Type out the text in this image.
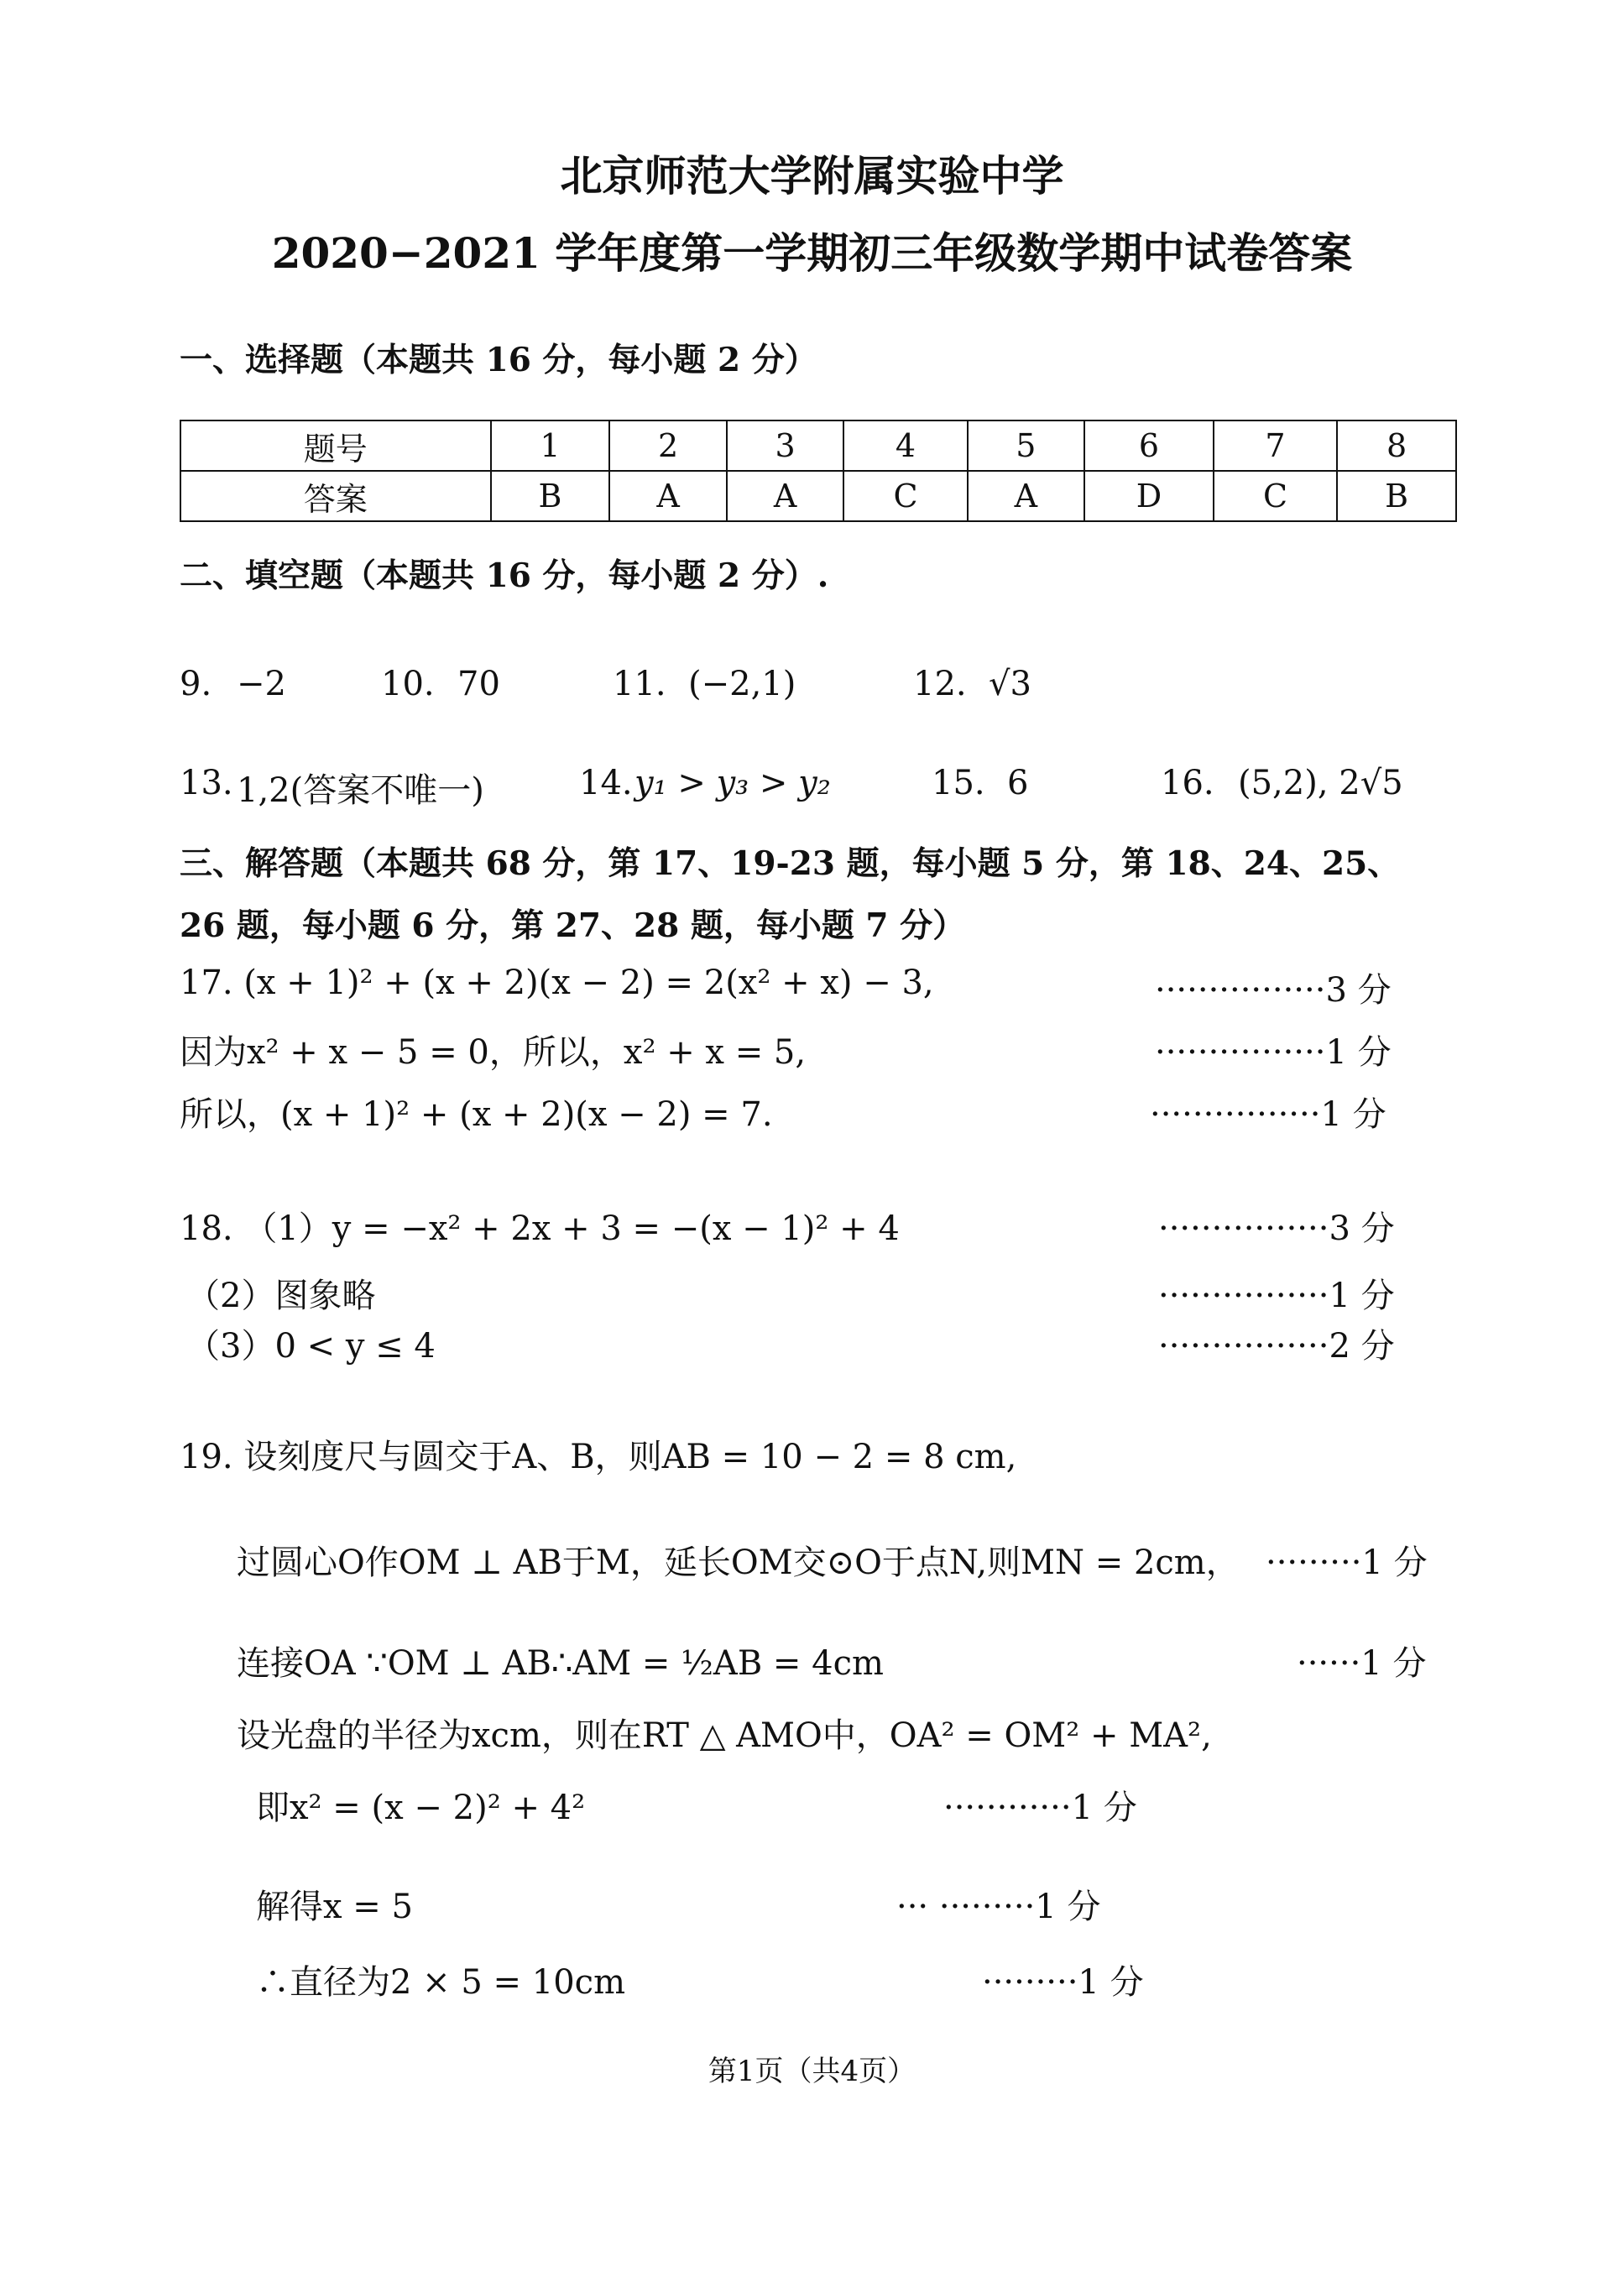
北京师范大学附属实验中学
2020−2021 学年度第一学期初三年级数学期中试卷答案
一、选择题（本题共 16 分，每小题 2 分）
题号	1	2	3	4	5	6	7	8
答案	B	A	A	C	A	D	C	B
二、填空题（本题共 16 分，每小题 2 分）.
9. −2	10. 70	11. (−2,1)	12. √3
13. 1,2(答案不唯一)	14. y₁ > y₃ > y₂	15. 6	16. (5,2), 2√5
三、解答题（本题共 68 分，第 17、19-23 题，每小题 5 分，第 18、24、25、
26 题，每小题 6 分，第 27、28 题，每小题 7 分）
17. (x + 1)² + (x + 2)(x − 2) = 2(x² + x) − 3,	················3 分
因为x² + x − 5 = 0，所以，x² + x = 5,	················1 分
所以，(x + 1)² + (x + 2)(x − 2) = 7.	················1 分
18. （1）y = −x² + 2x + 3 = −(x − 1)² + 4	················3 分
（2）图象略	················1 分
（3）0 < y ≤ 4	················2 分
19. 设刻度尺与圆交于A、B，则AB = 10 − 2 = 8 cm,
过圆心O作OM ⊥ AB于M，延长OM交⊙O于点N,则MN = 2cm， ·········1 分
连接OA ∵OM ⊥ AB∴AM = ½AB = 4cm	······1 分
设光盘的半径为xcm，则在RT △ AMO中，OA² = OM² + MA²,
即x² = (x − 2)² + 4²	············1 分
解得x = 5	··· ·········1 分
∴直径为2 × 5 = 10cm	·········1 分
第1页（共4页）
